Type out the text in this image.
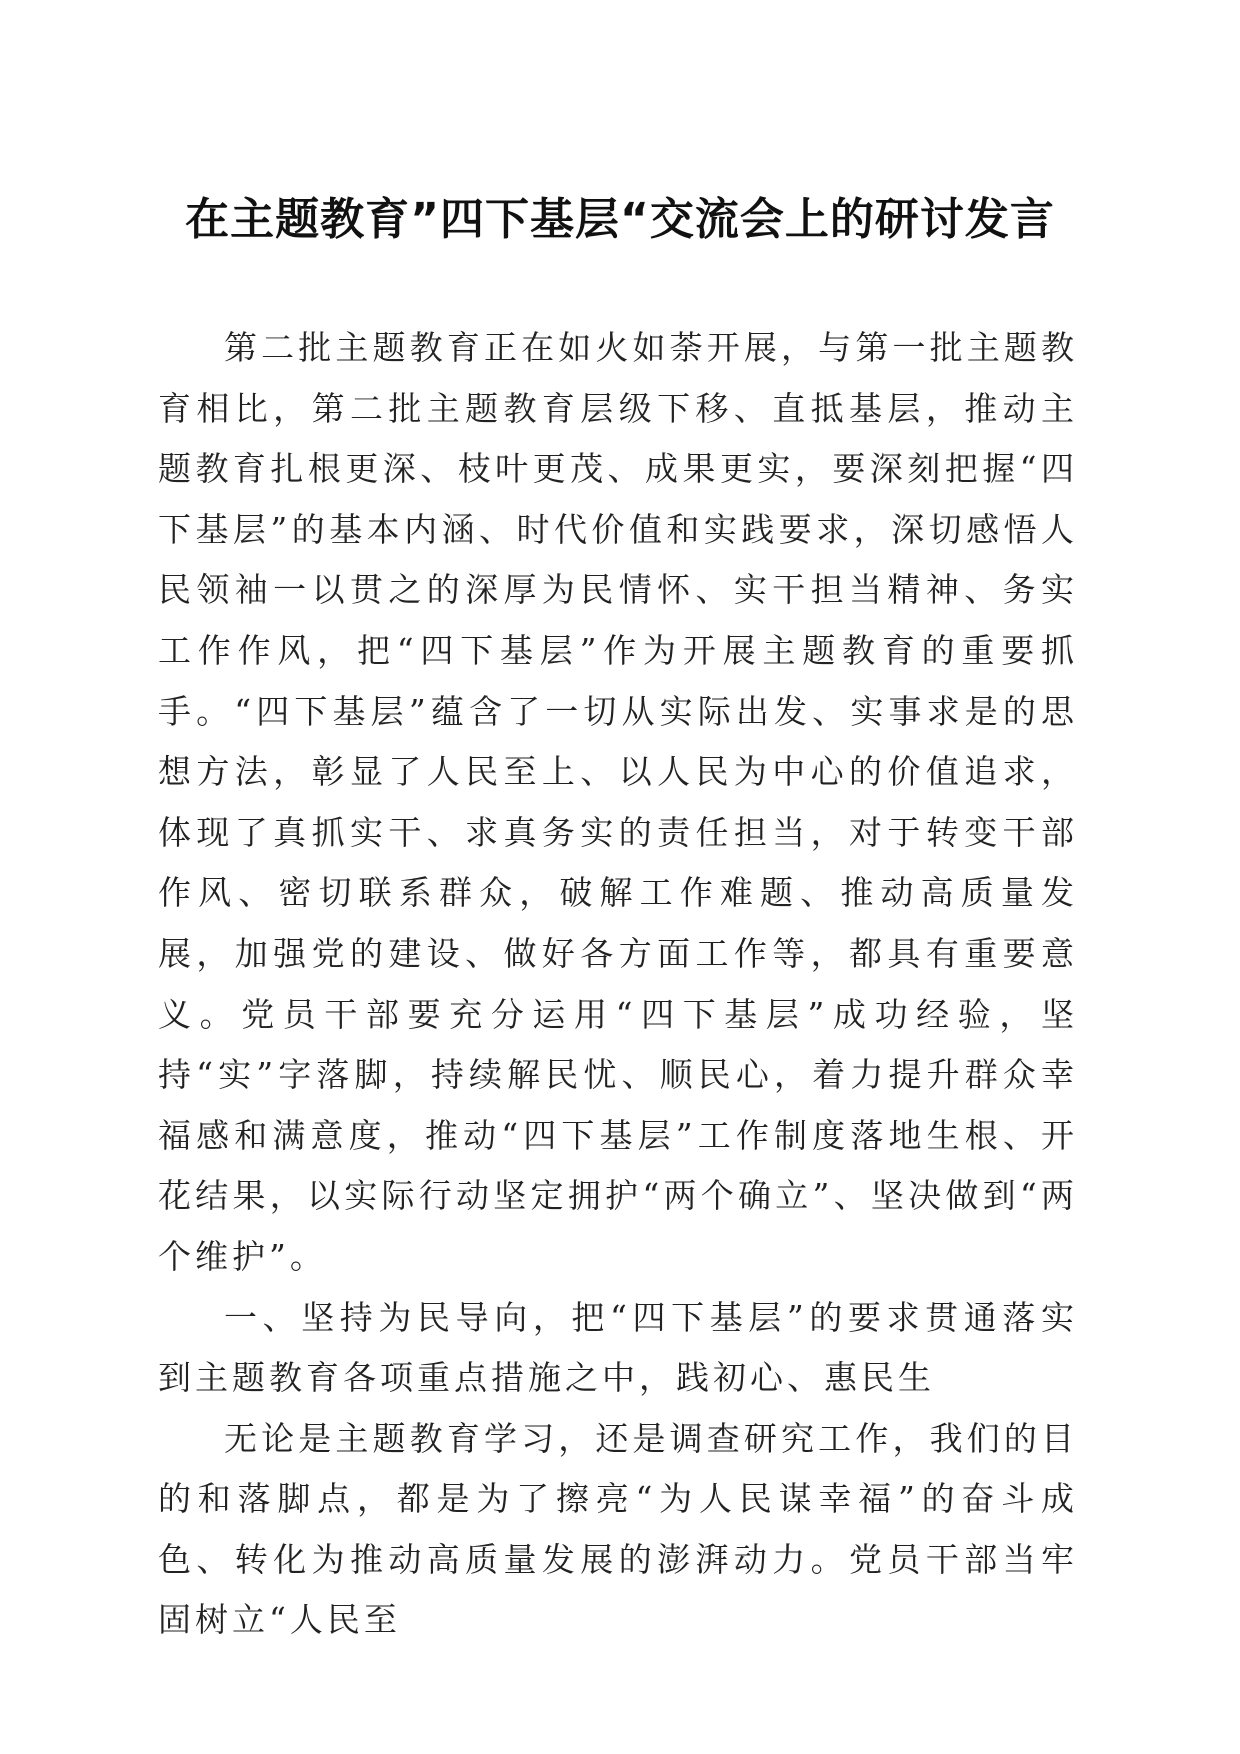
在主题教育”四下基层“交流会上的研讨发言

第二批主题教育正在如火如荼开展，与第一批主题教育相比，第二批主题教育层级下移、直抵基层，推动主题教育扎根更深、枝叶更茂、成果更实，要深刻把握“四下基层”的基本内涵、时代价值和实践要求，深切感悟人民领袖一以贯之的深厚为民情怀、实干担当精神、务实工作作风，把“四下基层”作为开展主题教育的重要抓手。“四下基层”蕴含了一切从实际出发、实事求是的思想方法，彰显了人民至上、以人民为中心的价值追求，体现了真抓实干、求真务实的责任担当，对于转变干部作风、密切联系群众，破解工作难题、推动高质量发展，加强党的建设、做好各方面工作等，都具有重要意义。党员干部要充分运用“四下基层”成功经验，坚持“实”字落脚，持续解民忧、顺民心，着力提升群众幸福感和满意度，推动“四下基层”工作制度落地生根、开花结果，以实际行动坚定拥护“两个确立”、坚决做到“两个维护”。

一、坚持为民导向，把“四下基层”的要求贯通落实到主题教育各项重点措施之中，践初心、惠民生

无论是主题教育学习，还是调查研究工作，我们的目的和落脚点，都是为了擦亮“为人民谋幸福”的奋斗成色、转化为推动高质量发展的澎湃动力。党员干部当牢固树立“人民至
